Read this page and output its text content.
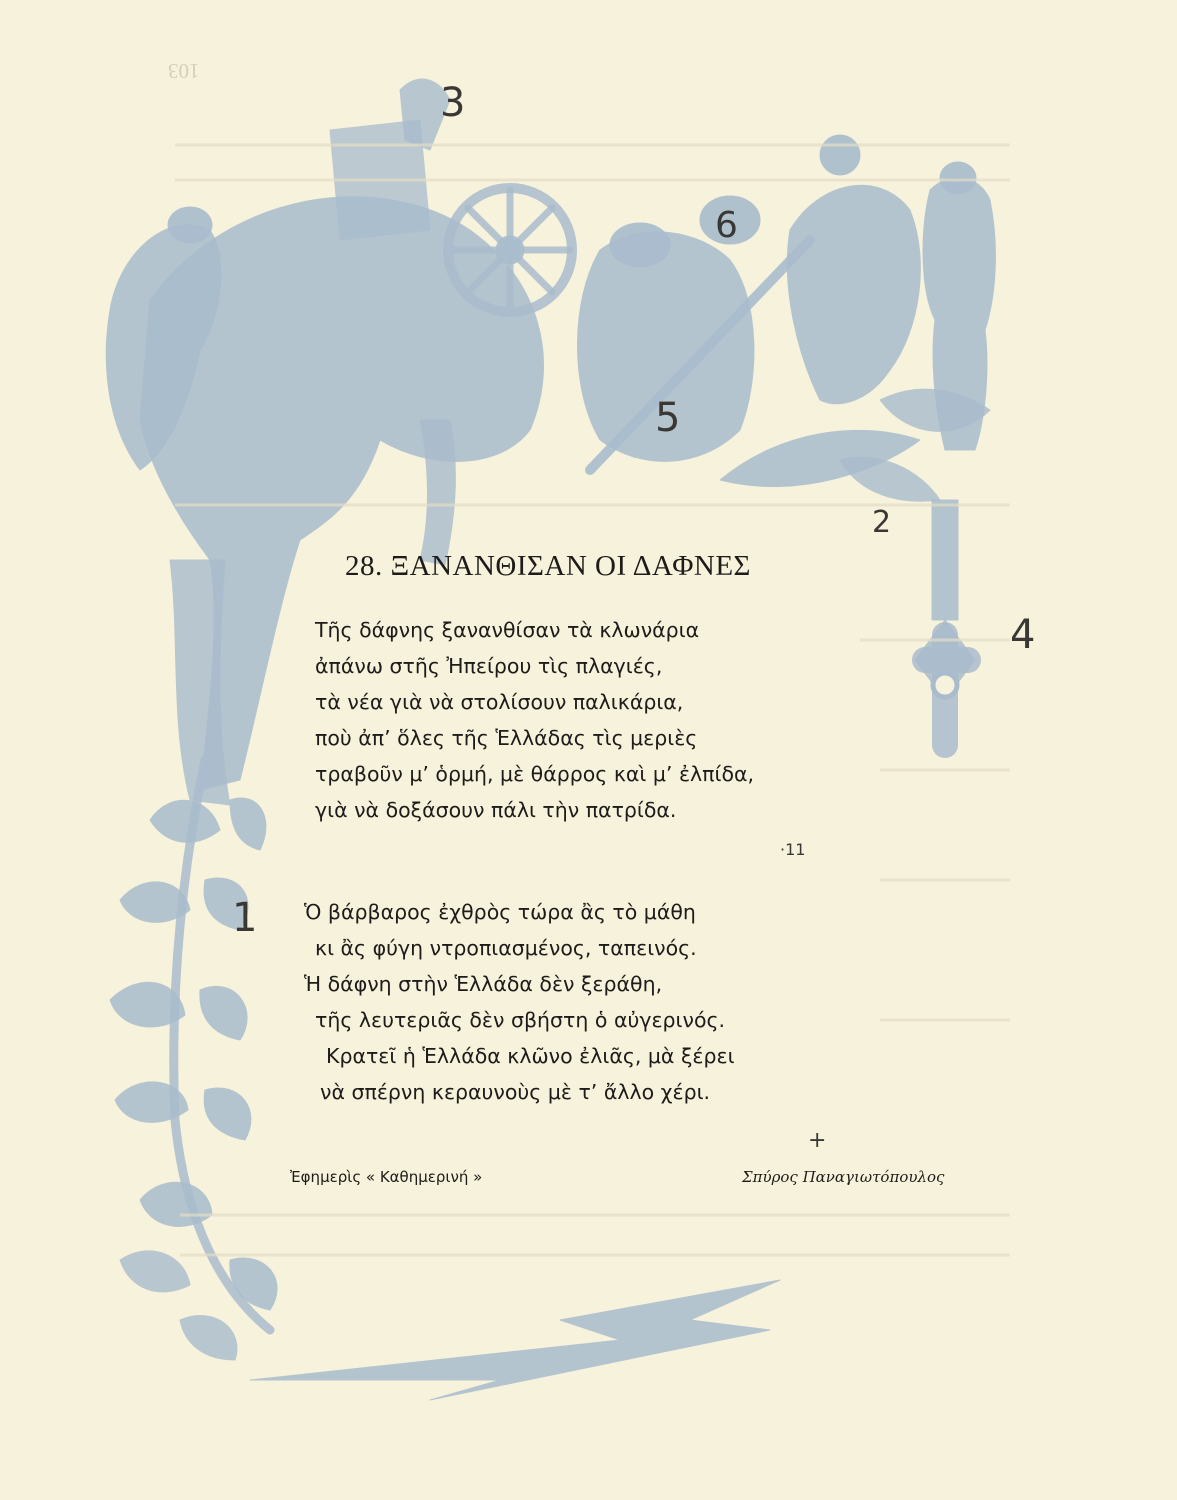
103
28. ΞΑΝΑΝΘΙΣΑΝ ΟΙ ΔΑΦΝΕΣ
Τῆς δάφνης ξανανθίσαν τὰ κλωνάρια
ἀπάνω στῆς Ἠπείρου τὶς πλαγιές,
τὰ νέα γιὰ νὰ στολίσουν παλικάρια,
ποὺ ἀπ’ ὅλες τῆς Ἑλλάδας τὶς μεριὲς
τραβοῦν μ’ ὁρμή, μὲ θάρρος καὶ μ’ ἐλπίδα,
γιὰ νὰ δοξάσουν πάλι τὴν πατρίδα.
Ὁ βάρβαρος ἐχθρὸς τώρα ἂς τὸ μάθη
κι ἂς φύγη ντροπιασμένος, ταπεινός.
Ἡ δάφνη στὴν Ἑλλάδα δὲν ξεράθη,
τῆς λευτεριᾶς δὲν σβήστη ὁ αὐγερινός.
Κρατεῖ ἡ Ἑλλάδα κλῶνο ἐλιᾶς, μὰ ξέρει
νὰ σπέρνη κεραυνοὺς μὲ τ’ ἄλλο χέρι.
Ἐφημερὶς « Καθημερινή »	Σπύρος Παναγιωτόπουλος
1
2
3
4
5
6
·11
+
